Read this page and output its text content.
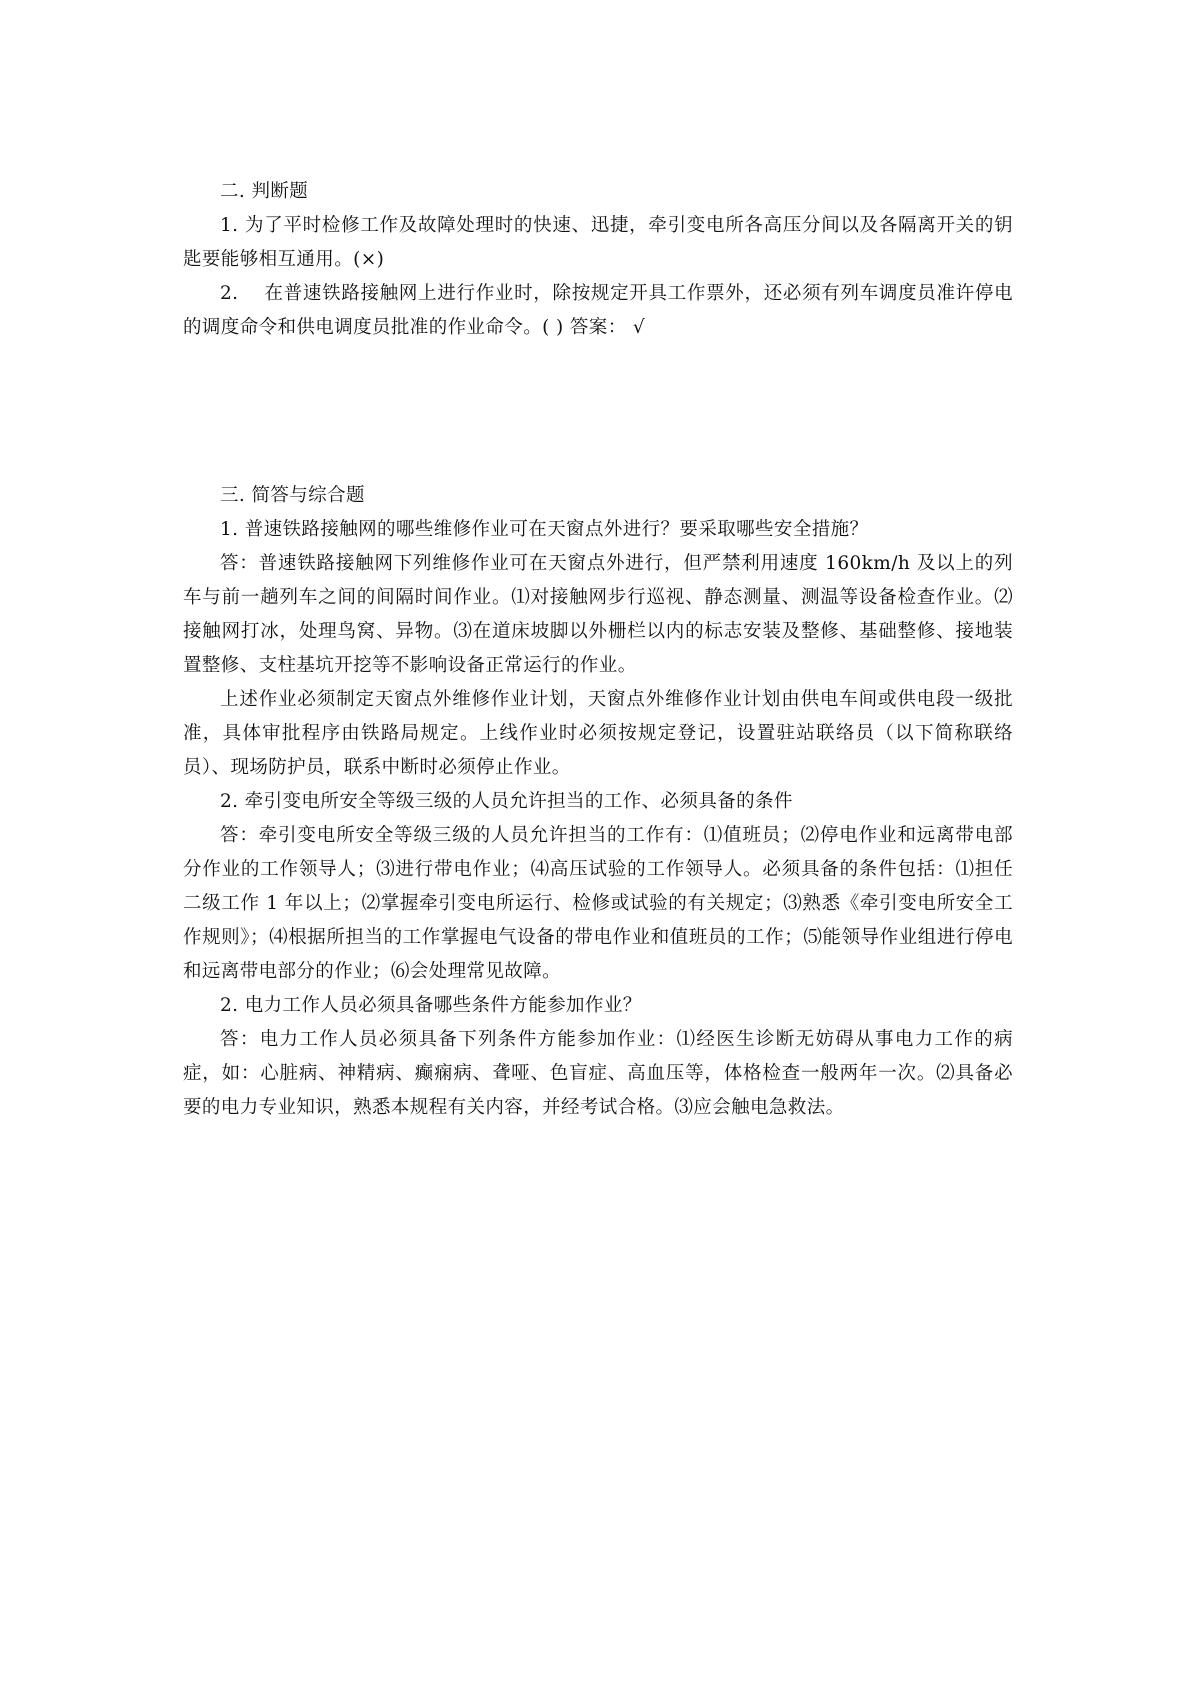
二. 判断题

1. 为了平时检修工作及故障处理时的快速、迅捷，牵引变电所各高压分间以及各隔离开关的钥匙要能够相互通用。(×)

2.　 在普速铁路接触网上进行作业时，除按规定开具工作票外，还必须有列车调度员准许停电的调度命令和供电调度员批准的作业命令。( ) 答案： √

三. 简答与综合题

1. 普速铁路接触网的哪些维修作业可在天窗点外进行？要采取哪些安全措施？

答：普速铁路接触网下列维修作业可在天窗点外进行，但严禁利用速度 160km/h 及以上的列车与前一趟列车之间的间隔时间作业。⑴对接触网步行巡视、静态测量、测温等设备检查作业。⑵接触网打冰，处理鸟窝、异物。⑶在道床坡脚以外栅栏以内的标志安装及整修、基础整修、接地装置整修、支柱基坑开挖等不影响设备正常运行的作业。

上述作业必须制定天窗点外维修作业计划，天窗点外维修作业计划由供电车间或供电段一级批准，具体审批程序由铁路局规定。上线作业时必须按规定登记，设置驻站联络员（以下简称联络员）、现场防护员，联系中断时必须停止作业。

2. 牵引变电所安全等级三级的人员允许担当的工作、必须具备的条件

答：牵引变电所安全等级三级的人员允许担当的工作有：⑴值班员；⑵停电作业和远离带电部分作业的工作领导人；⑶进行带电作业；⑷高压试验的工作领导人。必须具备的条件包括：⑴担任二级工作 1 年以上；⑵掌握牵引变电所运行、检修或试验的有关规定；⑶熟悉《牵引变电所安全工作规则》；⑷根据所担当的工作掌握电气设备的带电作业和值班员的工作；⑸能领导作业组进行停电和远离带电部分的作业；⑹会处理常见故障。

2. 电力工作人员必须具备哪些条件方能参加作业？

答：电力工作人员必须具备下列条件方能参加作业：⑴经医生诊断无妨碍从事电力工作的病症，如：心脏病、神精病、癫痫病、聋哑、色盲症、高血压等，体格检查一般两年一次。⑵具备必要的电力专业知识，熟悉本规程有关内容，并经考试合格。⑶应会触电急救法。
